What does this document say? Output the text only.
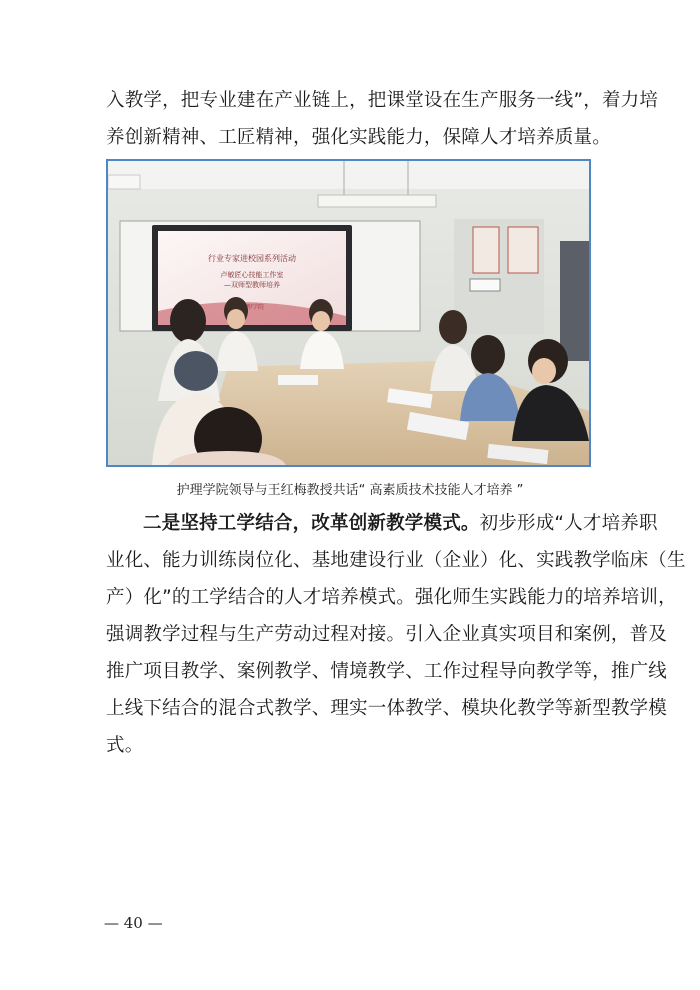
入教学，把专业建在产业链上，把课堂设在生产服务一线”，着力培
养创新精神、工匠精神，强化实践能力，保障人才培养质量。
行业专家进校园系列活动
卢敏匠心技能工作室
—双师型教师培养
护理学院领导与王红梅教授共话“ 高素质技术技能人才培养 ”
二是坚持工学结合，改革创新教学模式。初步形成“人才培养职
业化、能力训练岗位化、基地建设行业（企业）化、实践教学临床（生
产）化”的工学结合的人才培养模式。强化师生实践能力的培养培训，
强调教学过程与生产劳动过程对接。引入企业真实项目和案例，普及
推广项目教学、案例教学、情境教学、工作过程导向教学等，推广线
上线下结合的混合式教学、理实一体教学、模块化教学等新型教学模
式。
— 40 —
